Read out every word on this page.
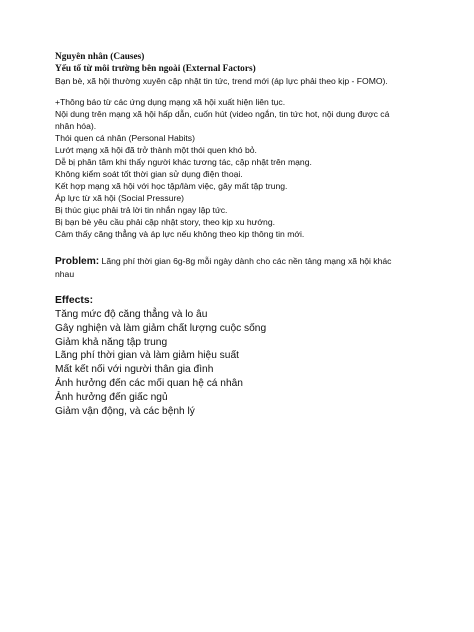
Nguyên nhân (Causes)
Yếu tố từ môi trường bên ngoài (External Factors)
Bạn bè, xã hội thường xuyên cập nhật tin tức, trend mới (áp lực phải theo kịp - FOMO).
+Thông báo từ các ứng dụng mạng xã hội xuất hiện liên tục.
Nội dung trên mạng xã hội hấp dẫn, cuốn hút (video ngắn, tin tức hot, nội dung được cá
nhân hóa).
Thói quen cá nhân (Personal Habits)
Lướt mạng xã hội đã trở thành một thói quen khó bỏ.
Dễ bị phân tâm khi thấy người khác tương tác, cập nhật trên mạng.
Không kiểm soát tốt thời gian sử dụng điện thoại.
Kết hợp mạng xã hội với học tập/làm việc, gây mất tập trung.
Áp lực từ xã hội (Social Pressure)
Bị thúc giục phải trả lời tin nhắn ngay lập tức.
Bị bạn bè yêu cầu phải cập nhật story, theo kịp xu hướng.
Cảm thấy căng thẳng và áp lực nếu không theo kịp thông tin mới.
Problem: Lãng phí thời gian 6g-8g mỗi ngày dành cho các nền tảng mạng xã hội khác
nhau
Effects:
Tăng mức độ căng thẳng và lo âu
Gây nghiện và làm giảm chất lượng cuộc sống
Giảm khả năng tập trung
Lãng phí thời gian và làm giảm hiệu suất
Mất kết nối với người thân gia đình
Ảnh hưởng đến các mối quan hệ cá nhân
Ảnh hưởng đến giấc ngủ
Giảm vận động, và các bệnh lý
